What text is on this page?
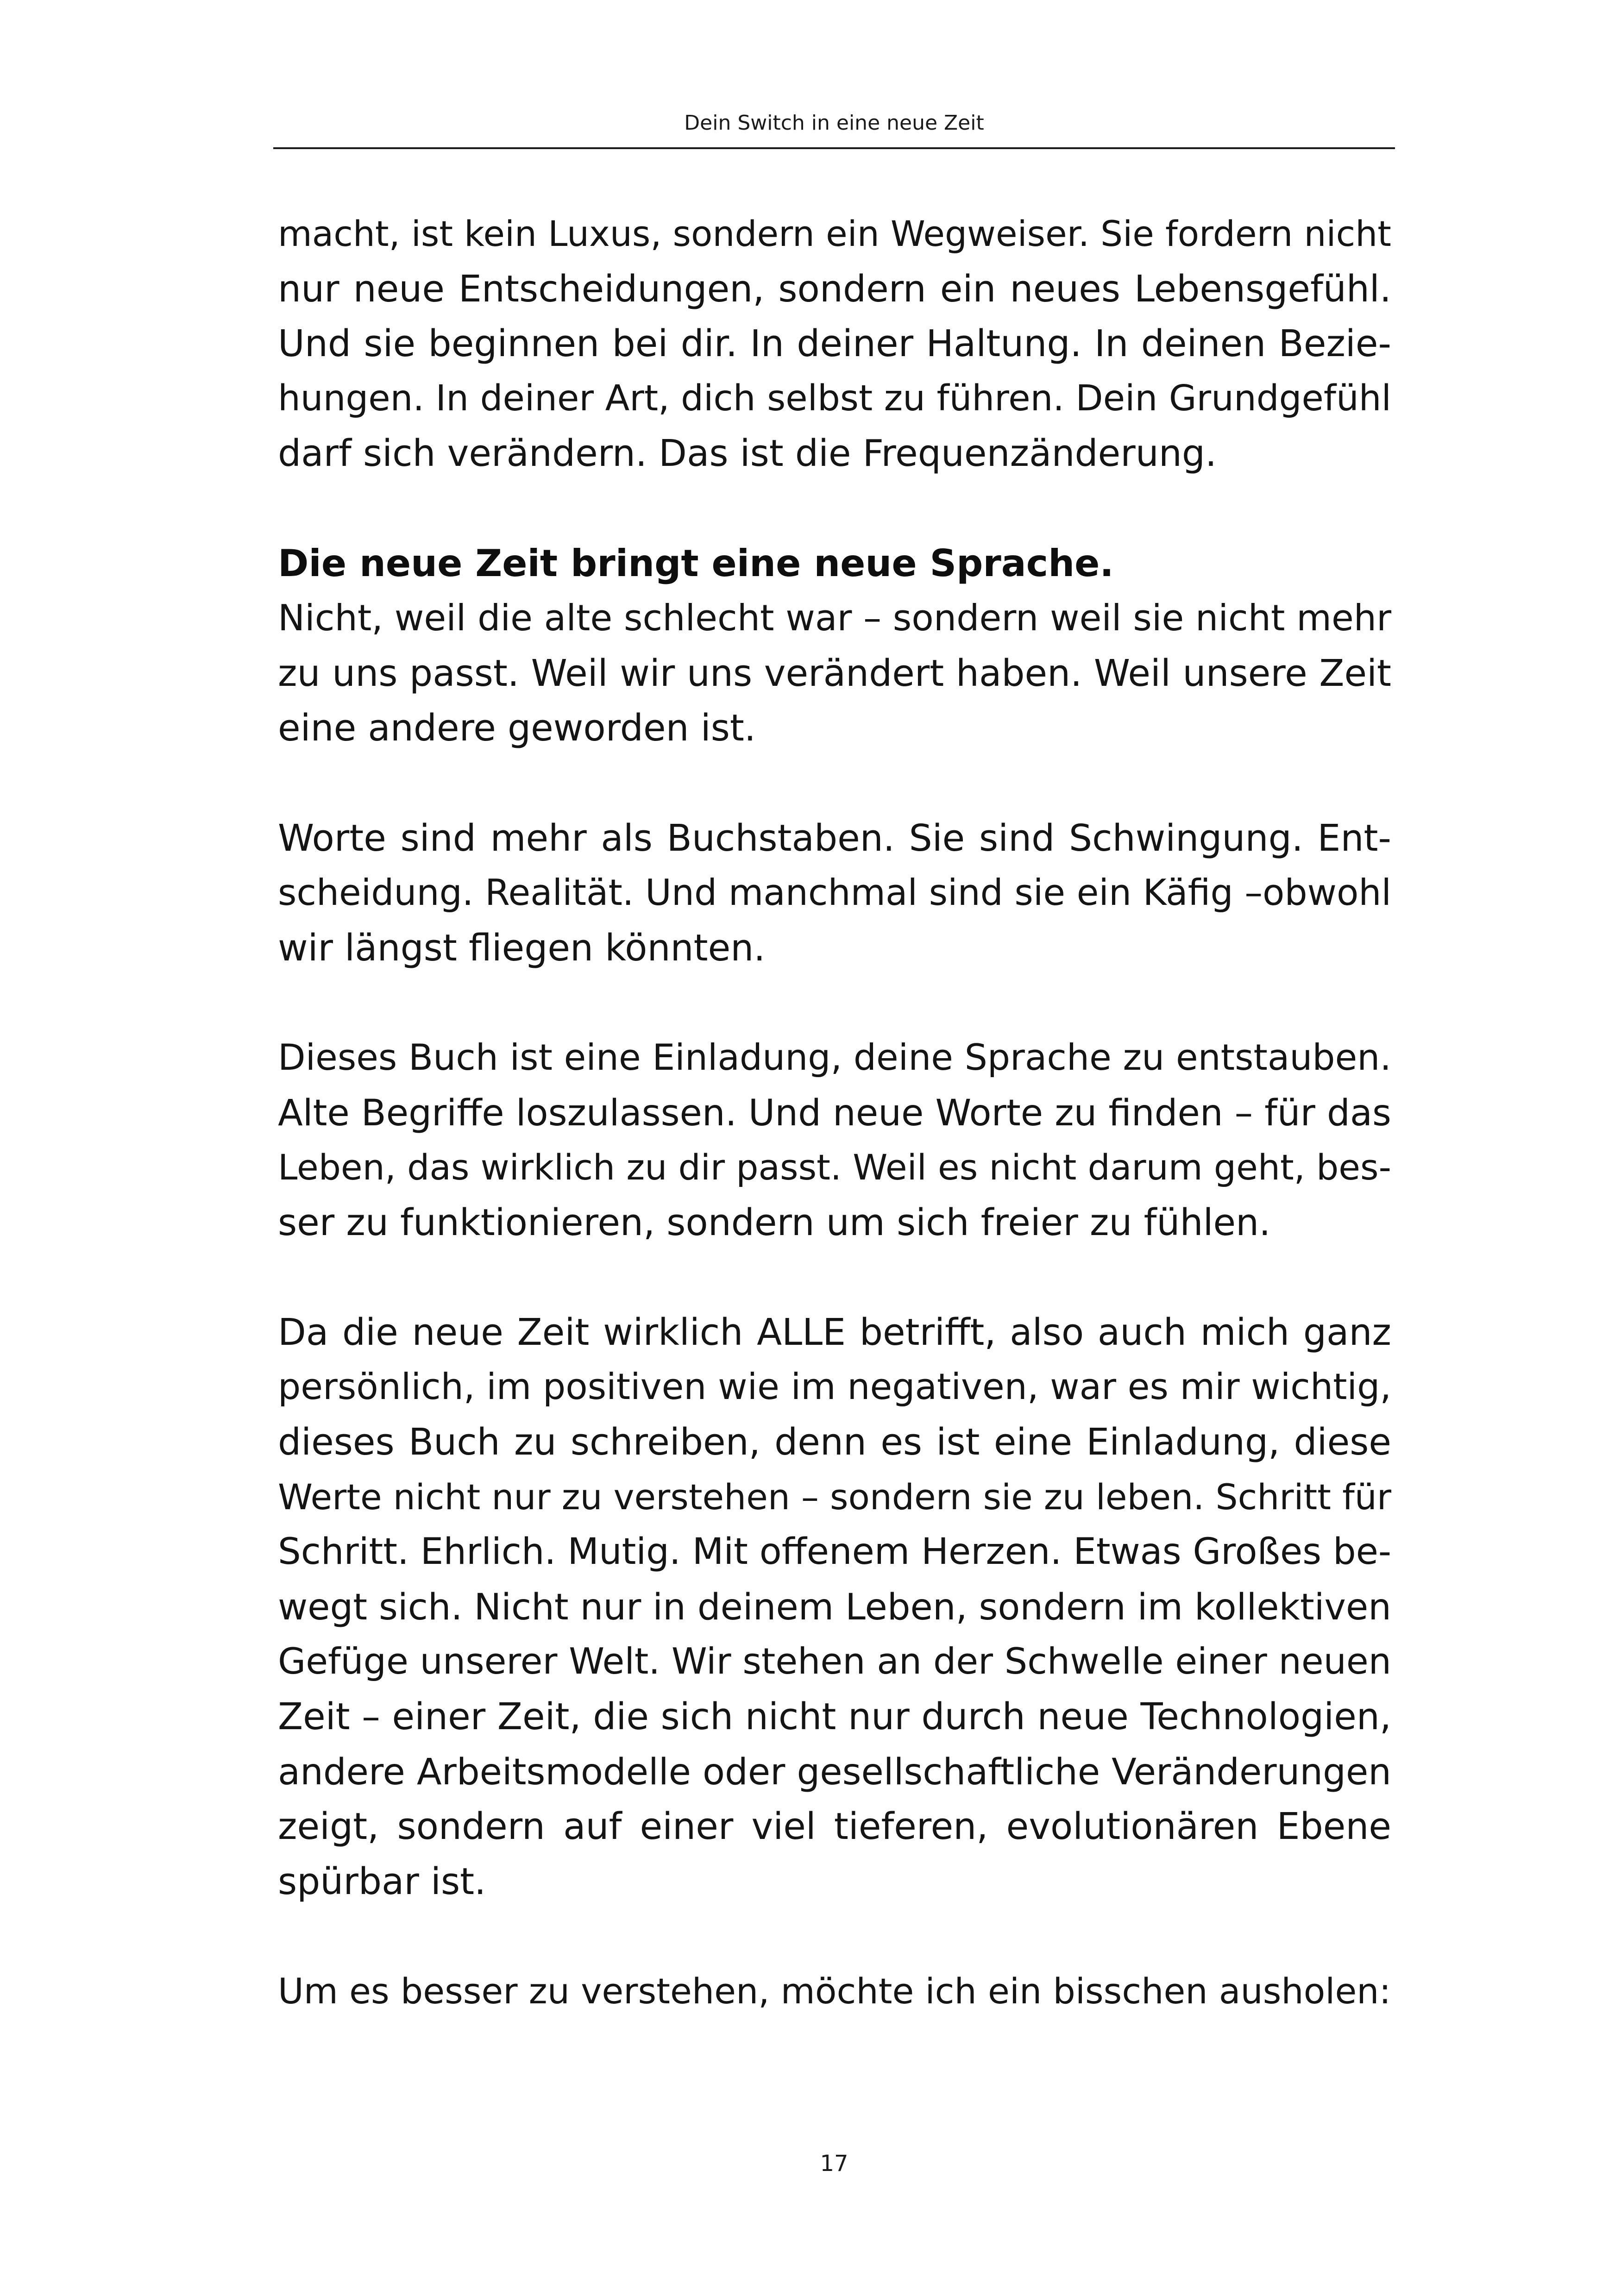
Dein Switch in eine neue Zeit

macht, ist kein Luxus, sondern ein Wegweiser. Sie fordern nicht
nur neue Entscheidungen, sondern ein neues Lebensgefühl.
Und sie beginnen bei dir. In deiner Haltung. In deinen Bezie-
hungen. In deiner Art, dich selbst zu führen. Dein Grundgefühl
darf sich verändern. Das ist die Frequenzänderung.

Die neue Zeit bringt eine neue Sprache.

Nicht, weil die alte schlecht war – sondern weil sie nicht mehr
zu uns passt. Weil wir uns verändert haben. Weil unsere Zeit
eine andere geworden ist.

Worte sind mehr als Buchstaben. Sie sind Schwingung. Ent-
scheidung. Realität. Und manchmal sind sie ein Käfig –obwohl
wir längst fliegen könnten.

Dieses Buch ist eine Einladung, deine Sprache zu entstauben.
Alte Begriffe loszulassen. Und neue Worte zu finden – für das
Leben, das wirklich zu dir passt. Weil es nicht darum geht, bes-
ser zu funktionieren, sondern um sich freier zu fühlen.

Da die neue Zeit wirklich ALLE betrifft, also auch mich ganz
persönlich, im positiven wie im negativen, war es mir wichtig,
dieses Buch zu schreiben, denn es ist eine Einladung, diese
Werte nicht nur zu verstehen – sondern sie zu leben. Schritt für
Schritt. Ehrlich. Mutig. Mit offenem Herzen. Etwas Großes be-
wegt sich. Nicht nur in deinem Leben, sondern im kollektiven
Gefüge unserer Welt. Wir stehen an der Schwelle einer neuen
Zeit – einer Zeit, die sich nicht nur durch neue Technologien,
andere Arbeitsmodelle oder gesellschaftliche Veränderungen
zeigt, sondern auf einer viel tieferen, evolutionären Ebene
spürbar ist.

Um es besser zu verstehen, möchte ich ein bisschen ausholen:

17
